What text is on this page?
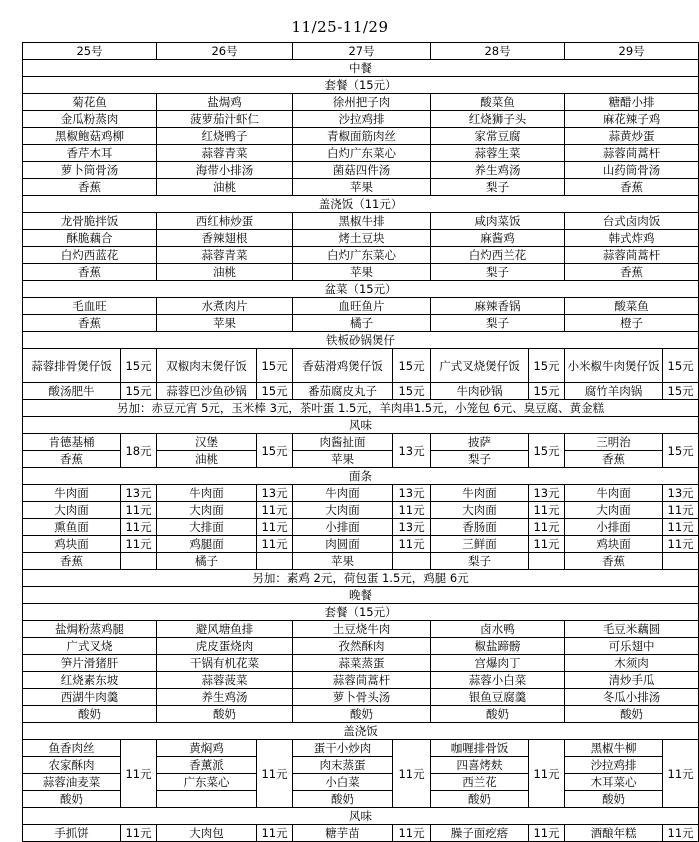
11/25-11/29
25号		26号		27号		28号		29号	
中餐									
套餐（15元）									
菊花鱼		盐焗鸡		徐州把子肉		酸菜鱼		糖醋小排	
金瓜粉蒸肉		菠萝茄汁虾仁		沙拉鸡排		红烧狮子头		麻花辣子鸡	
黑椒鲍菇鸡柳		红烧鸭子		青椒面筋肉丝		家常豆腐		蒜黄炒蛋	
香芹木耳		蒜蓉青菜		白灼广东菜心		蒜蓉生菜		蒜蓉茼蒿杆	
萝卜筒骨汤		海带小排汤		菌菇四件汤		养生鸡汤		山药筒骨汤	
香蕉		油桃		苹果		梨子		香蕉	
盖浇饭（11元）									
龙骨脆拌饭		西红柿炒蛋		黑椒牛排		咸肉菜饭		台式卤肉饭	
酥脆藕合		香辣翅根		烤土豆块		麻酱鸡		韩式炸鸡	
白灼西蓝花		蒜蓉青菜		白灼广东菜心		白灼西兰花		蒜蓉茼蒿杆	
香蕉		油桃		苹果		梨子		香蕉	
盆菜（15元）									
毛血旺		水煮肉片		血旺鱼片		麻辣香锅		酸菜鱼	
香蕉		苹果		橘子		梨子		橙子	
铁板砂锅煲仔									
蒜蓉排骨煲仔饭	15元	双椒肉末煲仔饭	15元	香菇滑鸡煲仔饭	15元	广式叉烧煲仔饭	15元	小米椒牛肉煲仔饭	15元
酸汤肥牛	15元	蒜蓉巴沙鱼砂锅	15元	番茄腐皮丸子	15元	牛肉砂锅	15元	腐竹羊肉锅	15元
另加：赤豆元宵 5元，玉米棒 3元，茶叶蛋 1.5元，羊肉串1.5元，小笼包 6元、臭豆腐、黄金糕									
风味									
肯德基桶	18元	汉堡	15元	肉酱扯面	13元	披萨	15元	三明治	15元
香蕉		油桃		苹果		梨子		香蕉	
面条									
牛肉面	13元	牛肉面	13元	牛肉面	13元	牛肉面	13元	牛肉面	13元
大肉面	11元	大肉面	11元	大肉面	11元	大肉面	11元	大肉面	11元
熏鱼面	11元	大排面	11元	小排面	13元	香肠面	11元	小排面	11元
鸡块面	11元	鸡腿面	11元	肉圆面	11元	三鲜面	11元	鸡块面	11元
香蕉		橘子		苹果		梨子		香蕉	
另加：素鸡 2元，荷包蛋 1.5元，鸡腿 6元									
晚餐									
套餐（15元）									
盐焗粉蒸鸡腿		避风塘鱼排		土豆烧牛肉		卤水鸭		毛豆米藕圆	
广式叉烧		虎皮蛋烧肉		孜然酥肉		椒盐蹄髈		可乐翅中	
笋片滑猪肝		干锅有机花菜		蒜菜蒸蛋		宫爆肉丁		木须肉	
红烧素东坡		蒜蓉菠菜		蒜蓉茼蒿杆		蒜蓉小白菜		清炒手瓜	
西湖牛肉羹		养生鸡汤		萝卜骨头汤		银鱼豆腐羹		冬瓜小排汤	
酸奶		酸奶		酸奶		酸奶		酸奶	
盖浇饭									
鱼香肉丝	11元	黄焖鸡	11元	蛋干小炒肉	11元	咖喱排骨饭	11元	黑椒牛柳	11元
农家酥肉		香薰派		肉末蒸蛋		四喜烤麸		沙拉鸡排	
蒜蓉油麦菜		广东菜心		小白菜		西兰花		木耳菜心	
酸奶				酸奶		酸奶		酸奶	
风味									
手抓饼	11元	大肉包	11元	糖芋苗	11元	臊子面疙瘩	11元	酒酿年糕	11元
